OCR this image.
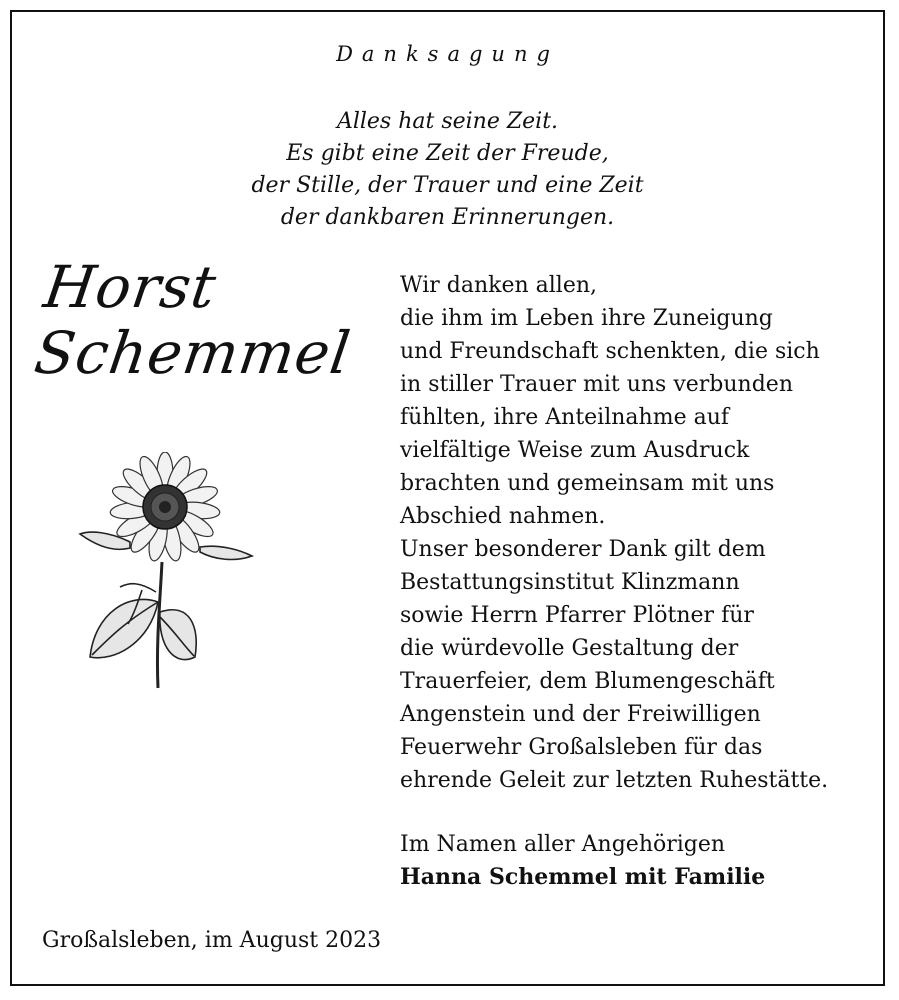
Danksagung
Alles hat seine Zeit.
Es gibt eine Zeit der Freude,
der Stille, der Trauer und eine Zeit
der dankbaren Erinnerungen.
Horst
Schemmel
Wir danken allen,
die ihm im Leben ihre Zuneigung
und Freundschaft schenkten, die sich
in stiller Trauer mit uns verbunden
fühlten, ihre Anteilnahme auf
vielfältige Weise zum Ausdruck
brachten und gemeinsam mit uns
Abschied nahmen.
Unser besonderer Dank gilt dem
Bestattungsinstitut Klinzmann
sowie Herrn Pfarrer Plötner für
die würdevolle Gestaltung der
Trauerfeier, dem Blumengeschäft
Angenstein und der Freiwilligen
Feuerwehr Großalsleben für das
ehrende Geleit zur letzten Ruhestätte.
Im Namen aller Angehörigen
Hanna Schemmel mit Familie
Großalsleben, im August 2023
